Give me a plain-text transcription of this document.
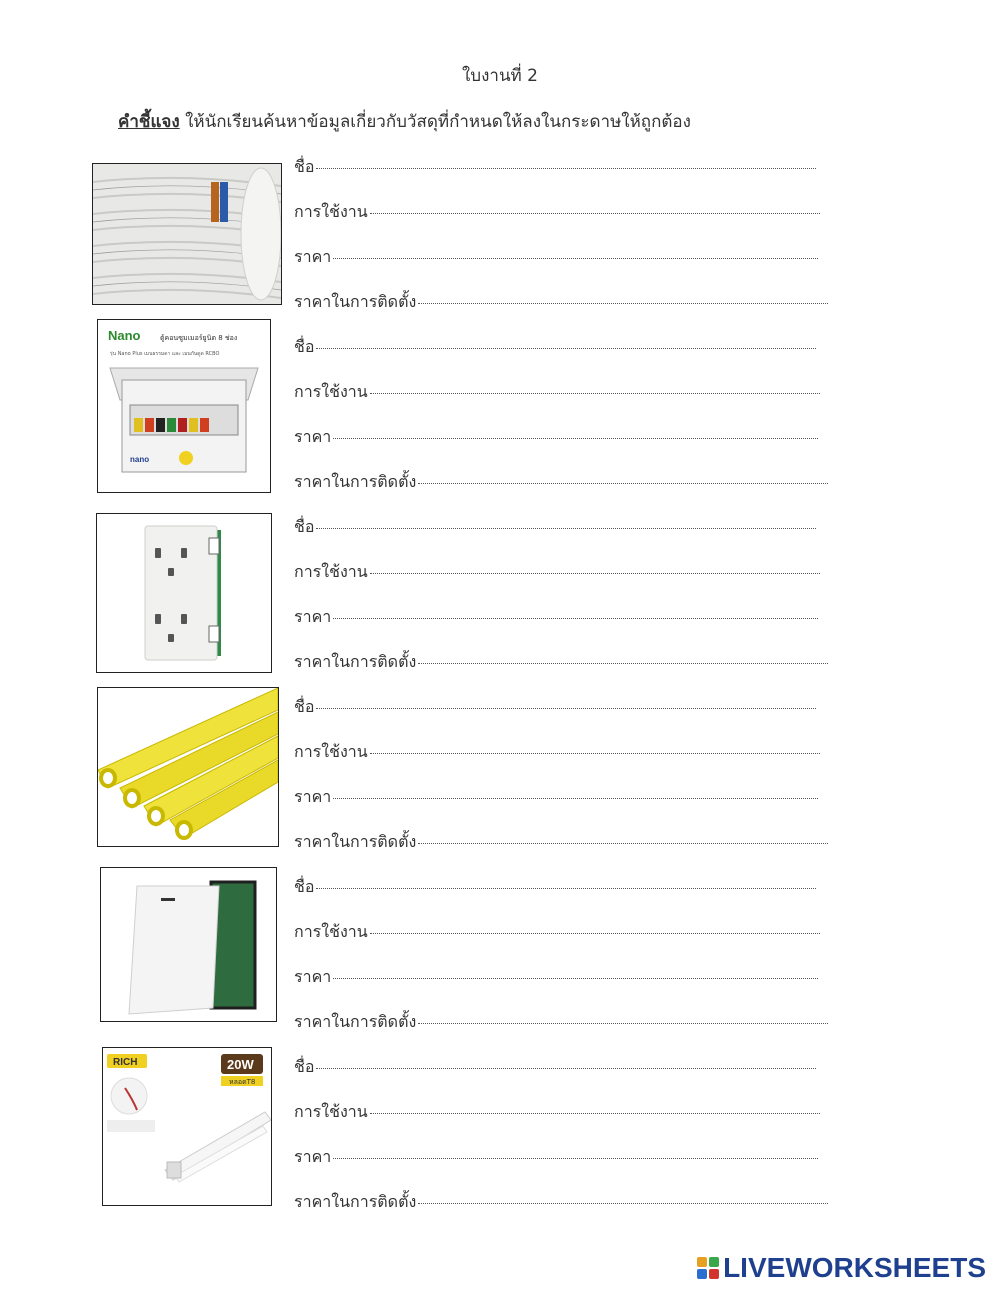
ใบงานที่ 2
คำชี้แจง ให้นักเรียนค้นหาข้อมูลเกี่ยวกับวัสดุที่กำหนดให้ลงในกระดาษให้ถูกต้อง
ชื่อ
การใช้งาน
ราคา
ราคาในการติดตั้ง
Nano	ตู้คอนซูมเมอร์ยูนิต 8 ช่อง
รุ่น Nano Plus เมนธรรมดา และ เมนกันดูด RCBO
nano
ชื่อ
การใช้งาน
ราคา
ราคาในการติดตั้ง
ชื่อ
การใช้งาน
ราคา
ราคาในการติดตั้ง
ชื่อ
การใช้งาน
ราคา
ราคาในการติดตั้ง
ชื่อ
การใช้งาน
ราคา
ราคาในการติดตั้ง
RICH	20W
หลอดT8
ชื่อ
การใช้งาน
ราคา
ราคาในการติดตั้ง
LIVEWORKSHEETS
